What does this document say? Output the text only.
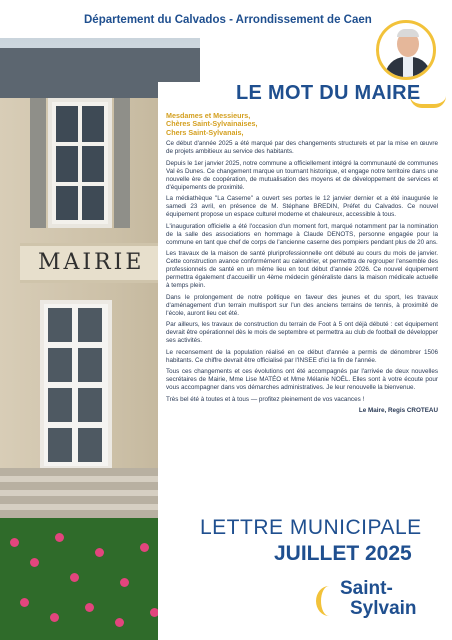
MAIRIE
Département du Calvados - Arrondissement de Caen
LE MOT DU MAIRE
Mesdames et Messieurs,
Chères Saint-Sylvainaises,
Chers Saint-Sylvanais,

Ce début d'année 2025 a été marqué par des changements structurels et par la mise en œuvre de projets ambitieux au service des habitants.

Depuis le 1er janvier 2025, notre commune a officiellement intégré la communauté de communes Val ès Dunes. Ce changement marque un tournant historique, et engage notre territoire dans une nouvelle ère de coopération, de mutualisation des moyens et de développement de services et d'équipements de proximité.

La médiathèque "La Caserne" a ouvert ses portes le 12 janvier dernier et a été inaugurée le samedi 23 avril, en présence de M. Stéphane BREDIN, Préfet du Calvados. Ce nouvel équipement propose un espace culturel moderne et chaleureux, accessible à tous.

L'inauguration officielle a été l'occasion d'un moment fort, marqué notamment par la nomination de la salle des associations en hommage à Claude DENOTS, personne engagée pour la commune en tant que chef de corps de l'ancienne caserne des pompiers pendant plus de 20 ans.

Les travaux de la maison de santé pluriprofessionnelle ont débuté au cours du mois de janvier. Cette construction avance conformément au calendrier, et permettra de regrouper l'ensemble des professionnels de santé en un même lieu en tout début d'année 2026. Ce nouvel équipement permettra également d'accueillir un 4ème médecin généraliste dans la maison médicale actuelle à temps plein.

Dans le prolongement de notre politique en faveur des jeunes et du sport, les travaux d'aménagement d'un terrain multisport sur l'un des anciens terrains de tennis, à proximité de l'école, auront lieu cet été.

Par ailleurs, les travaux de construction du terrain de Foot à 5 ont déjà débuté : cet équipement devrait être opérationnel dès le mois de septembre et permettra au club de football de développer ses activités.

Le recensement de la population réalisé en ce début d'année a permis de dénombrer 1506 habitants. Ce chiffre devrait être officialisé par l'INSEE d'ici la fin de l'année.

Tous ces changements et ces évolutions ont été accompagnés par l'arrivée de deux nouvelles secrétaires de Mairie, Mme Lise MATÉO et Mme Mélanie NOËL. Elles sont à votre écoute pour vous accompagner dans vos démarches administratives. Je leur renouvelle la bienvenue.

Très bel été à toutes et à tous — profitez pleinement de vos vacances !

Le Maire, Regis CROTEAU
LETTRE MUNICIPALE
JUILLET 2025
Saint-
Sylvain
